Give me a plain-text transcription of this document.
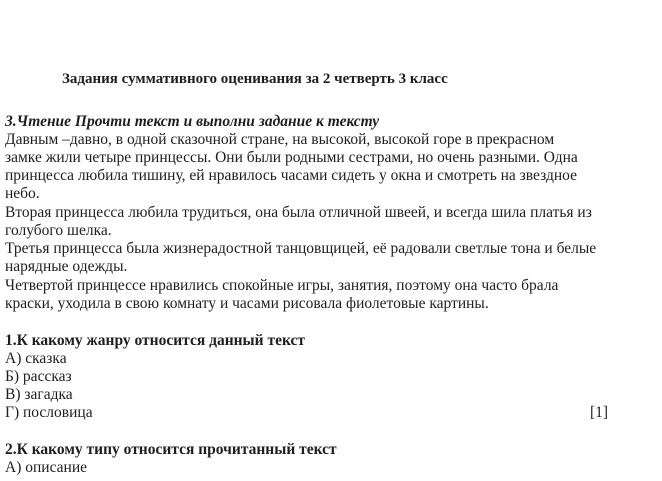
Задания суммативного оценивания за 2 четверть 3 класс
3.Чтение Прочти текст и выполни задание к тексту
Давным –давно, в одной сказочной стране, на высокой, высокой горе в прекрасном
замке жили четыре принцессы. Они были родными сестрами, но очень разными. Одна
принцесса любила тишину, ей нравилось часами сидеть у окна и смотреть на звездное
небо.
Вторая принцесса любила трудиться, она была отличной швеей, и всегда шила платья из
голубого шелка.
Третья принцесса была жизнерадостной танцовщицей, её радовали светлые тона и белые
нарядные одежды.
Четвертой принцессе нравились спокойные игры, занятия, поэтому она часто брала
краски, уходила в свою комнату и часами рисовала фиолетовые картины.
1.К какому жанру относится данный текст
А) сказка
Б) рассказ
В) загадка
Г) пословица	[1]
2.К какому типу относится прочитанный текст
А) описание
